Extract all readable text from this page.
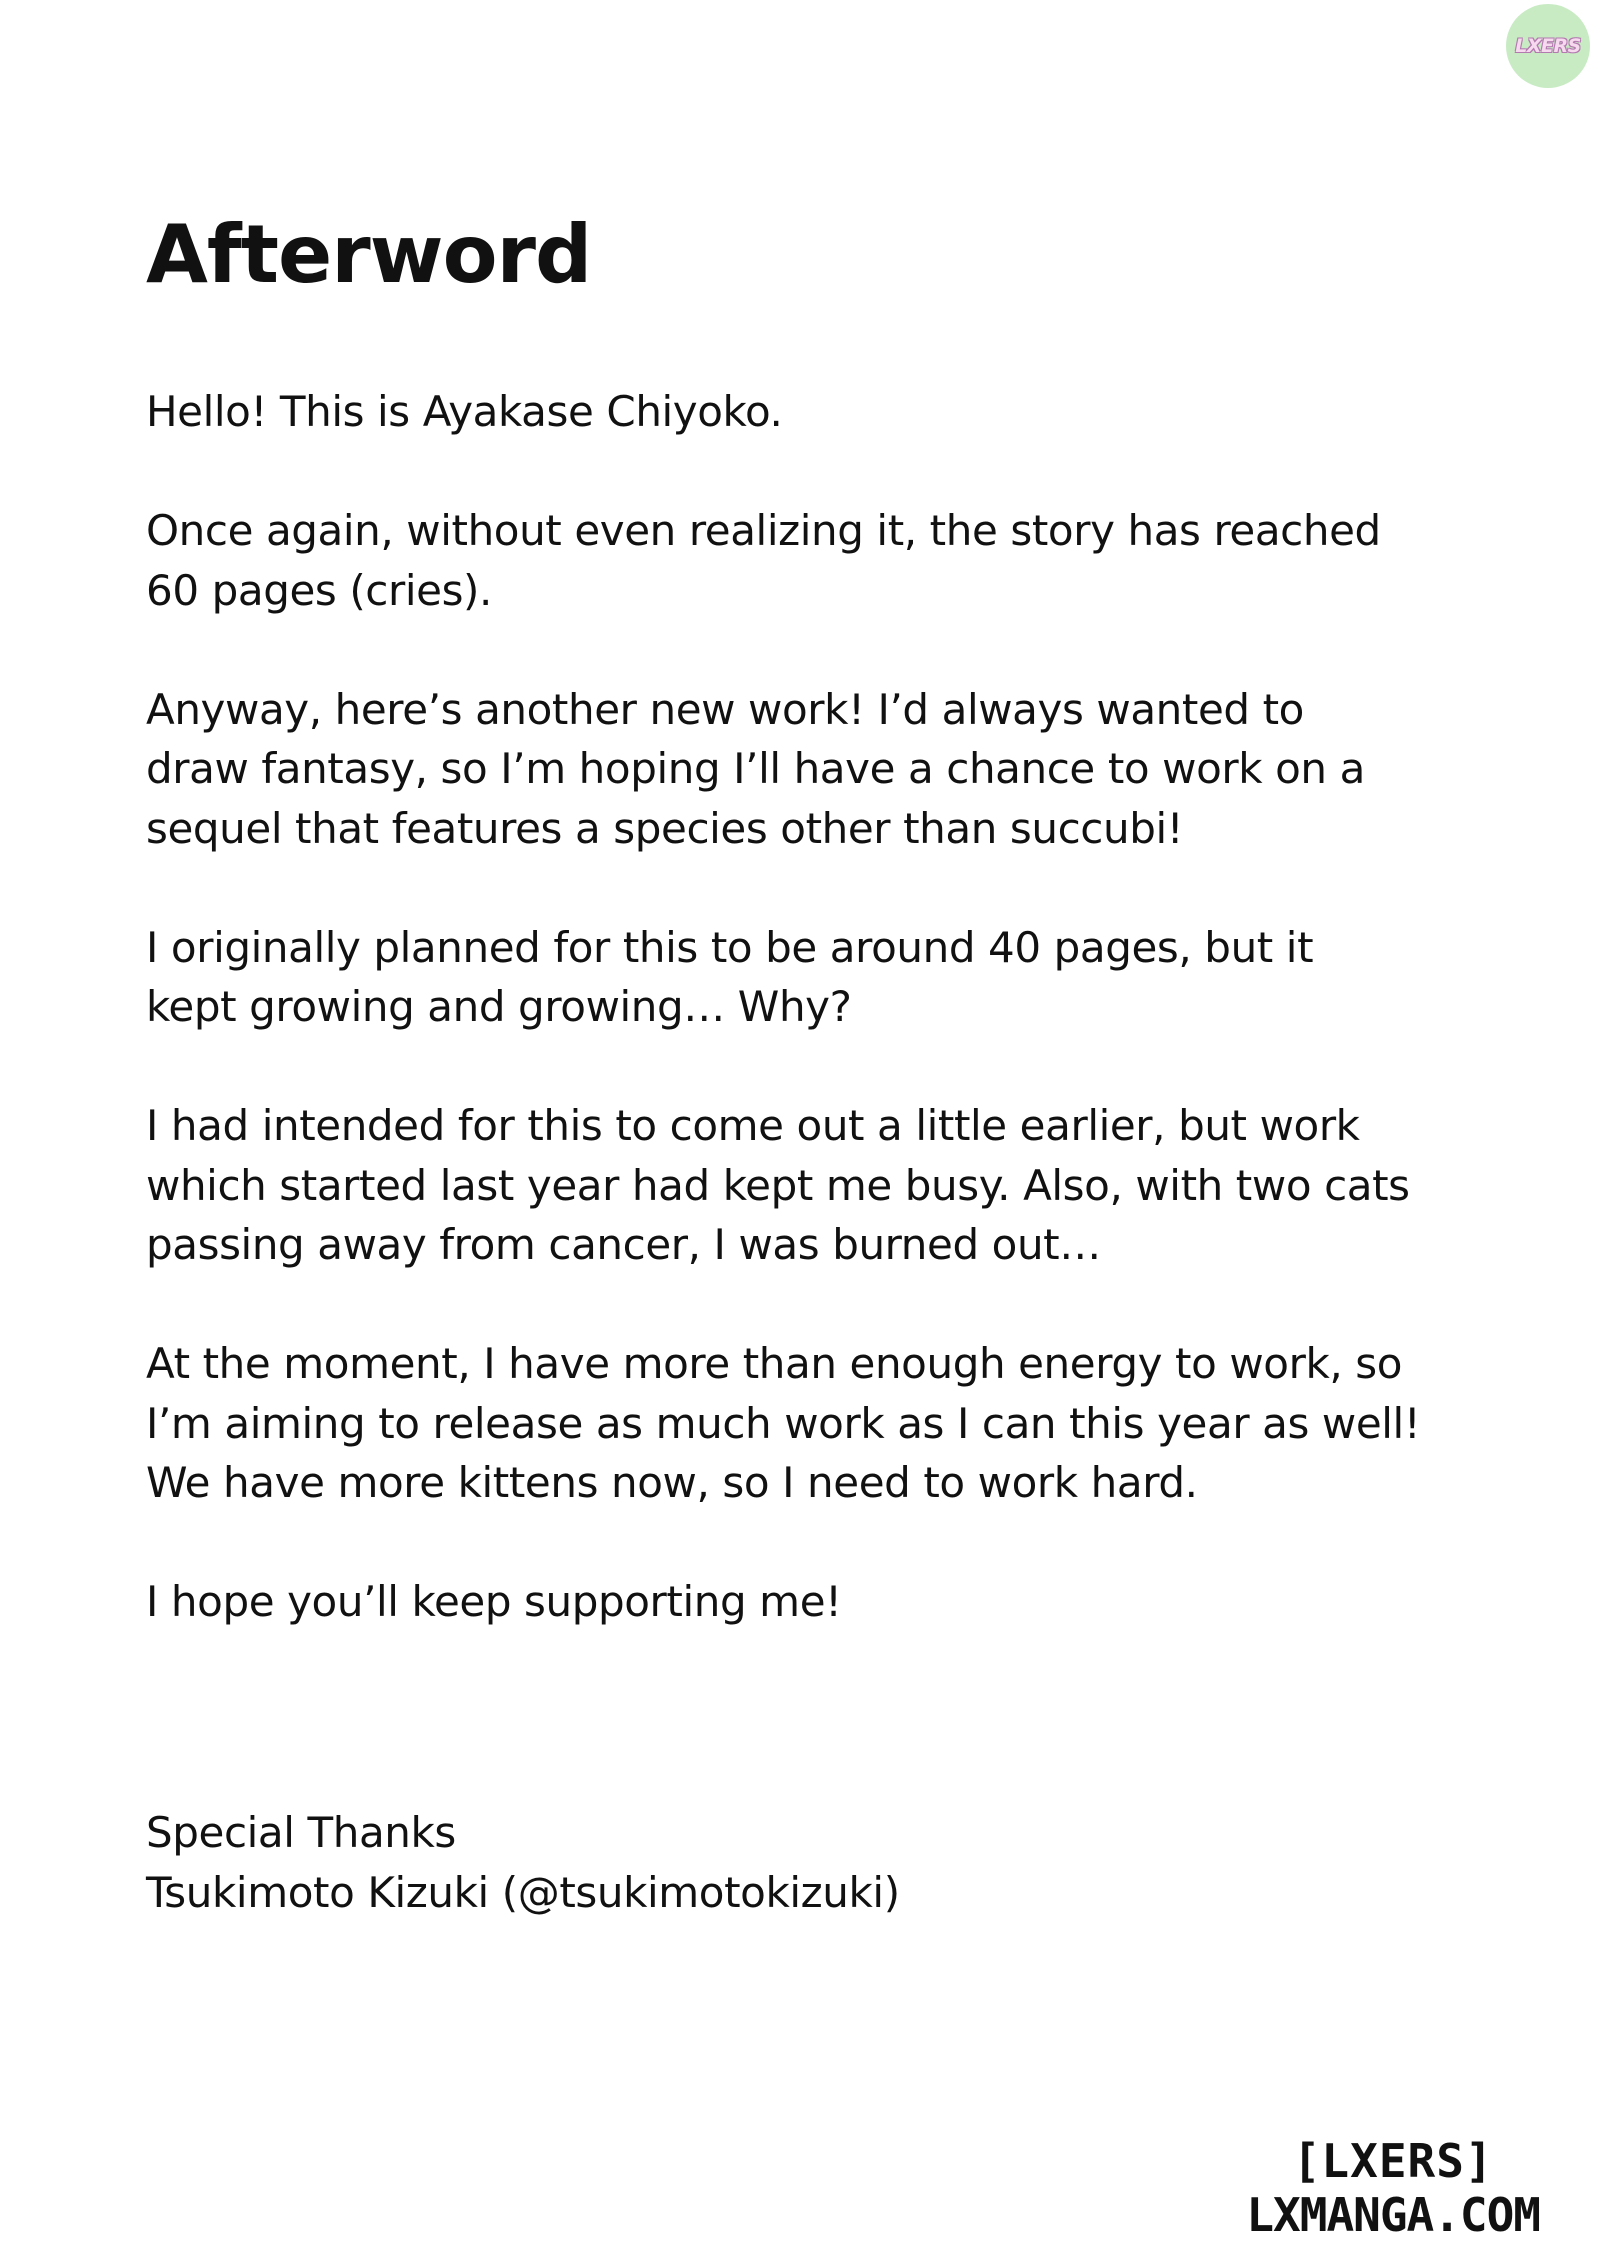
LXERS
Afterword

Hello! This is Ayakase Chiyoko.

Once again, without even realizing it, the story has reached
60 pages (cries).

Anyway, here’s another new work! I’d always wanted to
draw fantasy, so I’m hoping I’ll have a chance to work on a
sequel that features a species other than succubi!

I originally planned for this to be around 40 pages, but it
kept growing and growing… Why?

I had intended for this to come out a little earlier, but work
which started last year had kept me busy. Also, with two cats
passing away from cancer, I was burned out…

At the moment, I have more than enough energy to work, so
I’m aiming to release as much work as I can this year as well!
We have more kittens now, so I need to work hard.

I hope you’ll keep supporting me!

Special Thanks
Tsukimoto Kizuki (@tsukimotokizuki)
[LXERS]
LXMANGA.COM
